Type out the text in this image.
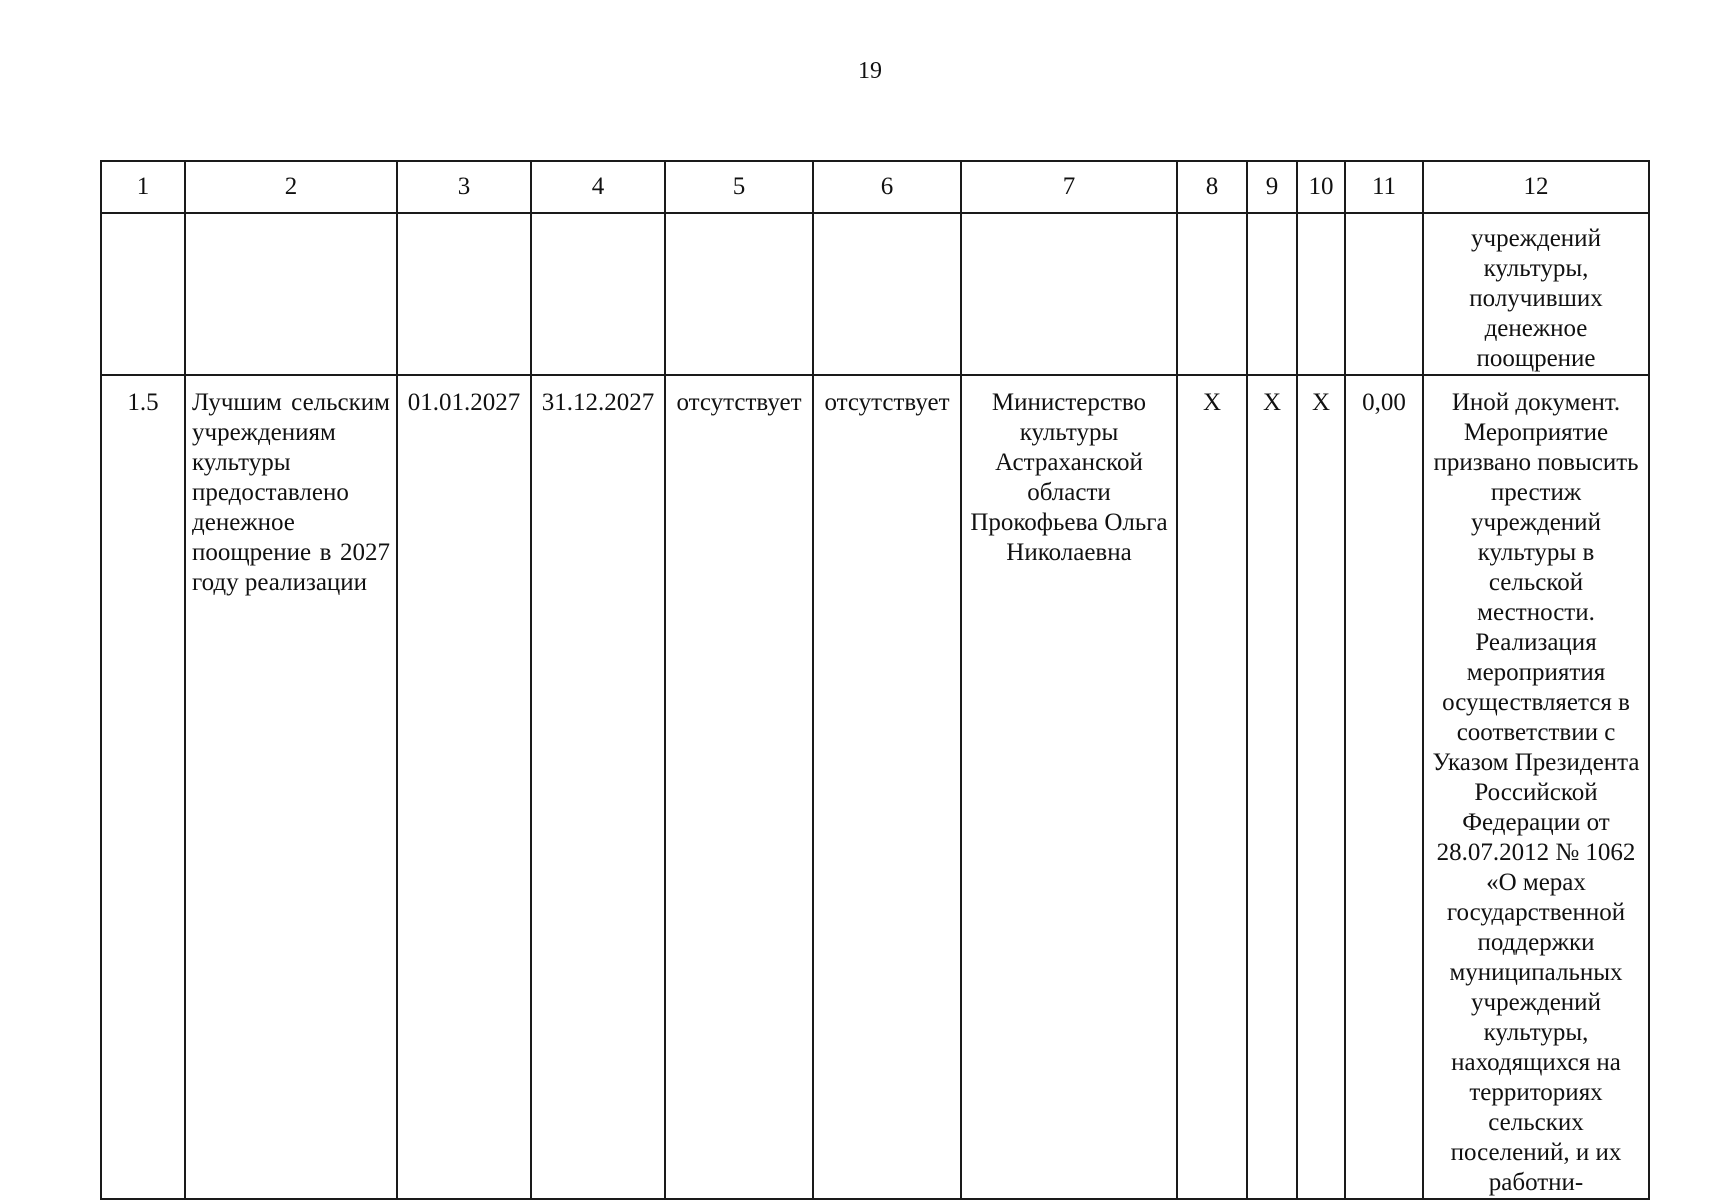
19
1	2	3	4	5	6	7	8	9	10	11	12
											учреждений культуры, получивших денежное поощрение
1.5	Лучшим сельским учреждениям культуры предоставлено денежное поощрение в 2027 году реализации	01.01.2027	31.12.2027	отсутствует	отсутствует	Министерство культуры Астраханской области Прокофьева Ольга Николаевна	X	X	X	0,00	Иной документ. Мероприятие призвано повысить престиж учреждений культуры в сельской местности. Реализация мероприятия осуществляется в соответствии с Указом Президента Российской Федерации от 28.07.2012 № 1062 «О мерах государственной поддержки муниципальных учреждений культуры, находящихся на территориях сельских поселений, и их работни-
